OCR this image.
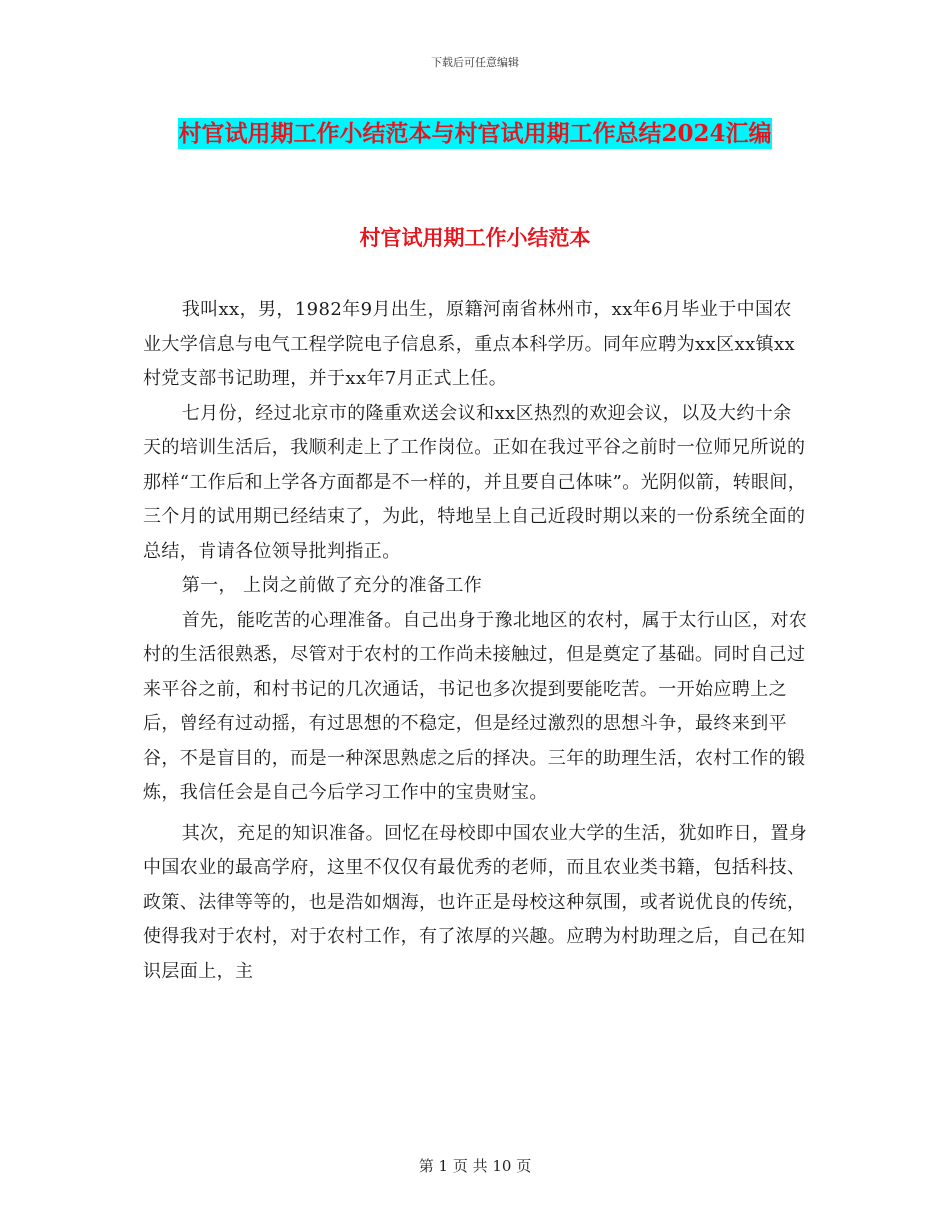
下载后可任意编辑
村官试用期工作小结范本与村官试用期工作总结2024汇编
村官试用期工作小结范本

我叫xx，男，1982年9月出生，原籍河南省林州市，xx年6月毕业于中国农业大学信息与电气工程学院电子信息系，重点本科学历。同年应聘为xx区xx镇xx村党支部书记助理，并于xx年7月正式上任。

七月份，经过北京市的隆重欢送会议和xx区热烈的欢迎会议，以及大约十余天的培训生活后，我顺利走上了工作岗位。正如在我过平谷之前时一位师兄所说的那样“工作后和上学各方面都是不一样的，并且要自己体味”。光阴似箭，转眼间，三个月的试用期已经结束了，为此，特地呈上自己近段时期以来的一份系统全面的总结，肯请各位领导批判指正。

第一， 上岗之前做了充分的准备工作

首先，能吃苦的心理准备。自己出身于豫北地区的农村，属于太行山区，对农村的生活很熟悉，尽管对于农村的工作尚未接触过，但是奠定了基础。同时自己过来平谷之前，和村书记的几次通话，书记也多次提到要能吃苦。一开始应聘上之后，曾经有过动摇，有过思想的不稳定，但是经过激烈的思想斗争，最终来到平谷，不是盲目的，而是一种深思熟虑之后的择决。三年的助理生活，农村工作的锻炼，我信任会是自己今后学习工作中的宝贵财宝。

其次，充足的知识准备。回忆在母校即中国农业大学的生活，犹如昨日，置身中国农业的最高学府，这里不仅仅有最优秀的老师，而且农业类书籍，包括科技、政策、法律等等的，也是浩如烟海，也许正是母校这种氛围，或者说优良的传统，使得我对于农村，对于农村工作，有了浓厚的兴趣。应聘为村助理之后，自己在知识层面上，主

第 1 页 共 10 页
